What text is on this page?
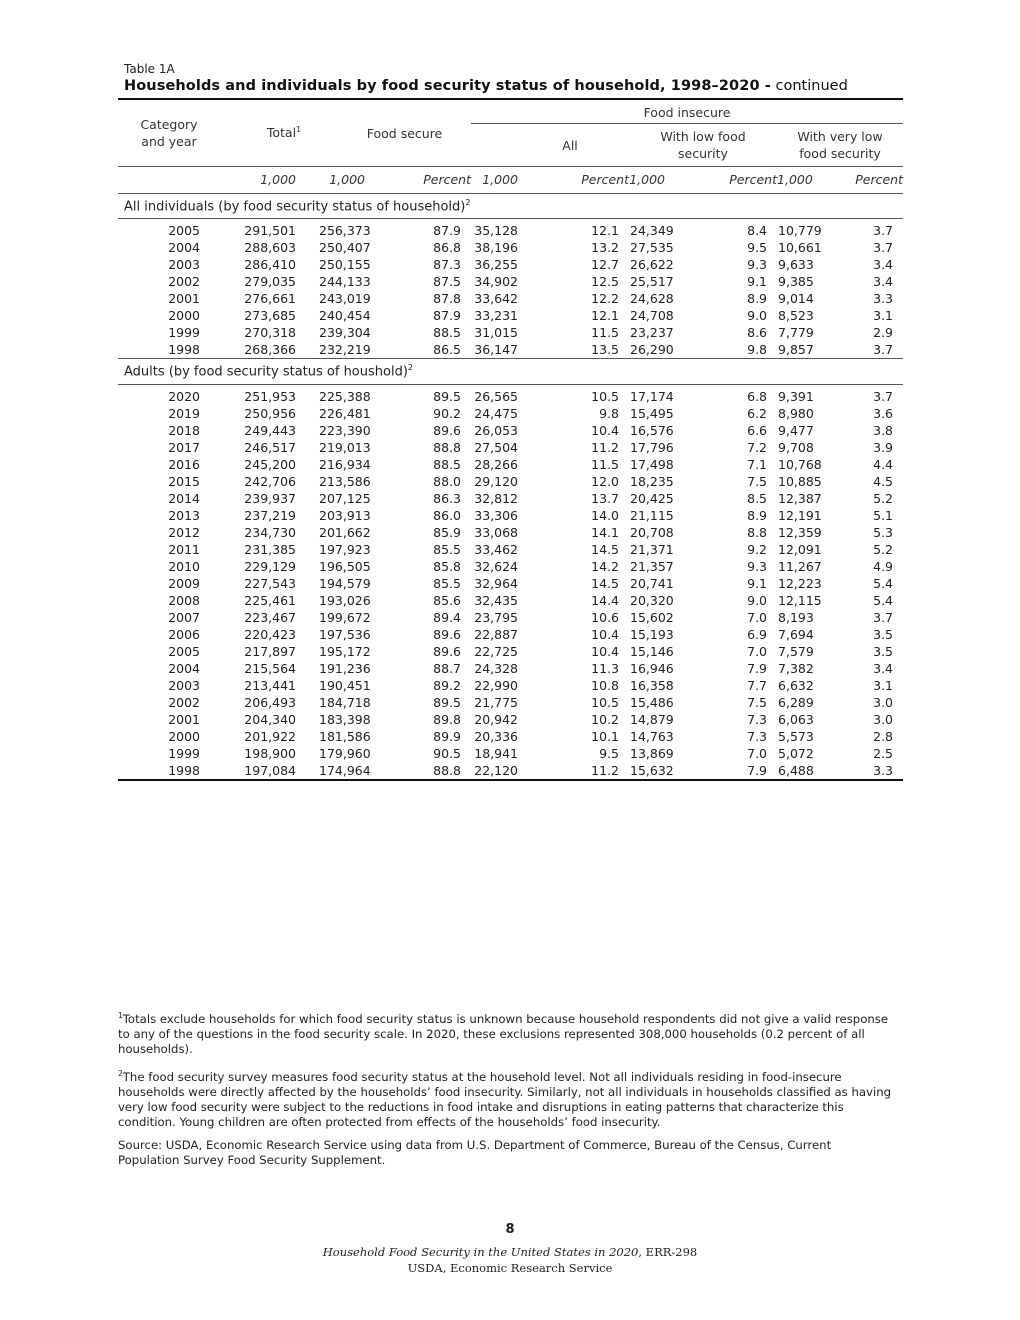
Table 1A
Households and individuals by food security status of household, 1998–2020 - continued
Category and year	Total$^1$	Food secure		Food insecure					
				All		With low food security		With very low food security	
	1,000	1,000	Percent	1,000	Percent	1,000	Percent	1,000	Percent
All individuals (by food security status of household)$^2$
2005	291,501	256,373	87.9	35,128	12.1	24,349	8.4	10,779	3.7
2004	288,603	250,407	86.8	38,196	13.2	27,535	9.5	10,661	3.7
2003	286,410	250,155	87.3	36,255	12.7	26,622	9.3	9,633	3.4
2002	279,035	244,133	87.5	34,902	12.5	25,517	9.1	9,385	3.4
2001	276,661	243,019	87.8	33,642	12.2	24,628	8.9	9,014	3.3
2000	273,685	240,454	87.9	33,231	12.1	24,708	9.0	8,523	3.1
1999	270,318	239,304	88.5	31,015	11.5	23,237	8.6	7,779	2.9
1998	268,366	232,219	86.5	36,147	13.5	26,290	9.8	9,857	3.7
Adults (by food security status of houshold)$^2$
2020	251,953	225,388	89.5	26,565	10.5	17,174	6.8	9,391	3.7
2019	250,956	226,481	90.2	24,475	9.8	15,495	6.2	8,980	3.6
2018	249,443	223,390	89.6	26,053	10.4	16,576	6.6	9,477	3.8
2017	246,517	219,013	88.8	27,504	11.2	17,796	7.2	9,708	3.9
2016	245,200	216,934	88.5	28,266	11.5	17,498	7.1	10,768	4.4
2015	242,706	213,586	88.0	29,120	12.0	18,235	7.5	10,885	4.5
2014	239,937	207,125	86.3	32,812	13.7	20,425	8.5	12,387	5.2
2013	237,219	203,913	86.0	33,306	14.0	21,115	8.9	12,191	5.1
2012	234,730	201,662	85.9	33,068	14.1	20,708	8.8	12,359	5.3
2011	231,385	197,923	85.5	33,462	14.5	21,371	9.2	12,091	5.2
2010	229,129	196,505	85.8	32,624	14.2	21,357	9.3	11,267	4.9
2009	227,543	194,579	85.5	32,964	14.5	20,741	9.1	12,223	5.4
2008	225,461	193,026	85.6	32,435	14.4	20,320	9.0	12,115	5.4
2007	223,467	199,672	89.4	23,795	10.6	15,602	7.0	8,193	3.7
2006	220,423	197,536	89.6	22,887	10.4	15,193	6.9	7,694	3.5
2005	217,897	195,172	89.6	22,725	10.4	15,146	7.0	7,579	3.5
2004	215,564	191,236	88.7	24,328	11.3	16,946	7.9	7,382	3.4
2003	213,441	190,451	89.2	22,990	10.8	16,358	7.7	6,632	3.1
2002	206,493	184,718	89.5	21,775	10.5	15,486	7.5	6,289	3.0
2001	204,340	183,398	89.8	20,942	10.2	14,879	7.3	6,063	3.0
2000	201,922	181,586	89.9	20,336	10.1	14,763	7.3	5,573	2.8
1999	198,900	179,960	90.5	18,941	9.5	13,869	7.0	5,072	2.5
1998	197,084	174,964	88.8	22,120	11.2	15,632	7.9	6,488	3.3

$^1$Totals exclude households for which food security status is unknown because household respondents did not give a valid response to any of the questions in the food security scale. In 2020, these exclusions represented 308,000 households (0.2 percent of all households).

$^2$The food security survey measures food security status at the household level. Not all individuals residing in food-insecure households were directly affected by the households’ food insecurity. Similarly, not all individuals in households classified as having very low food security were subject to the reductions in food intake and disruptions in eating patterns that characterize this condition. Young children are often protected from effects of the households’ food insecurity.

Source: USDA, Economic Research Service using data from U.S. Department of Commerce, Bureau of the Census, Current Population Survey Food Security Supplement.

8
Household Food Security in the United States in 2020, ERR-298
USDA, Economic Research Service
